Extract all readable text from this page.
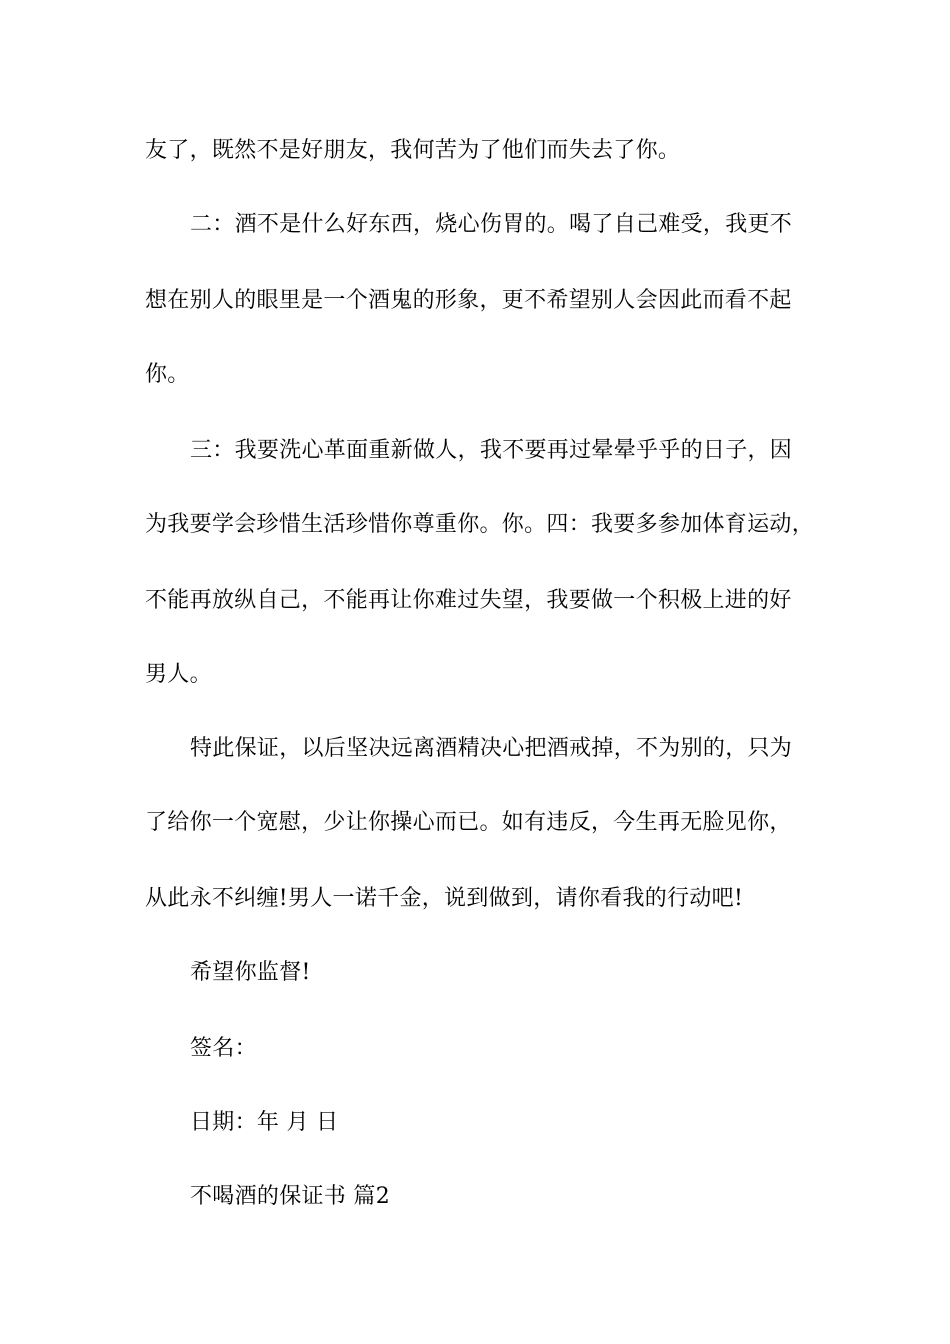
友了，既然不是好朋友，我何苦为了他们而失去了你。
二：酒不是什么好东西，烧心伤胃的。喝了自己难受，我更不
想在别人的眼里是一个酒鬼的形象，更不希望别人会因此而看不起
你。
三：我要洗心革面重新做人，我不要再过晕晕乎乎的日子，因
为我要学会珍惜生活珍惜你尊重你。你。四：我要多参加体育运动，
不能再放纵自己，不能再让你难过失望，我要做一个积极上进的好
男人。
特此保证，以后坚决远离酒精决心把酒戒掉，不为别的，只为
了给你一个宽慰，少让你操心而已。如有违反，今生再无脸见你，
从此永不纠缠!男人一诺千金，说到做到，请你看我的行动吧!
希望你监督!
签名：
日期：年 月 日
不喝酒的保证书 篇2
